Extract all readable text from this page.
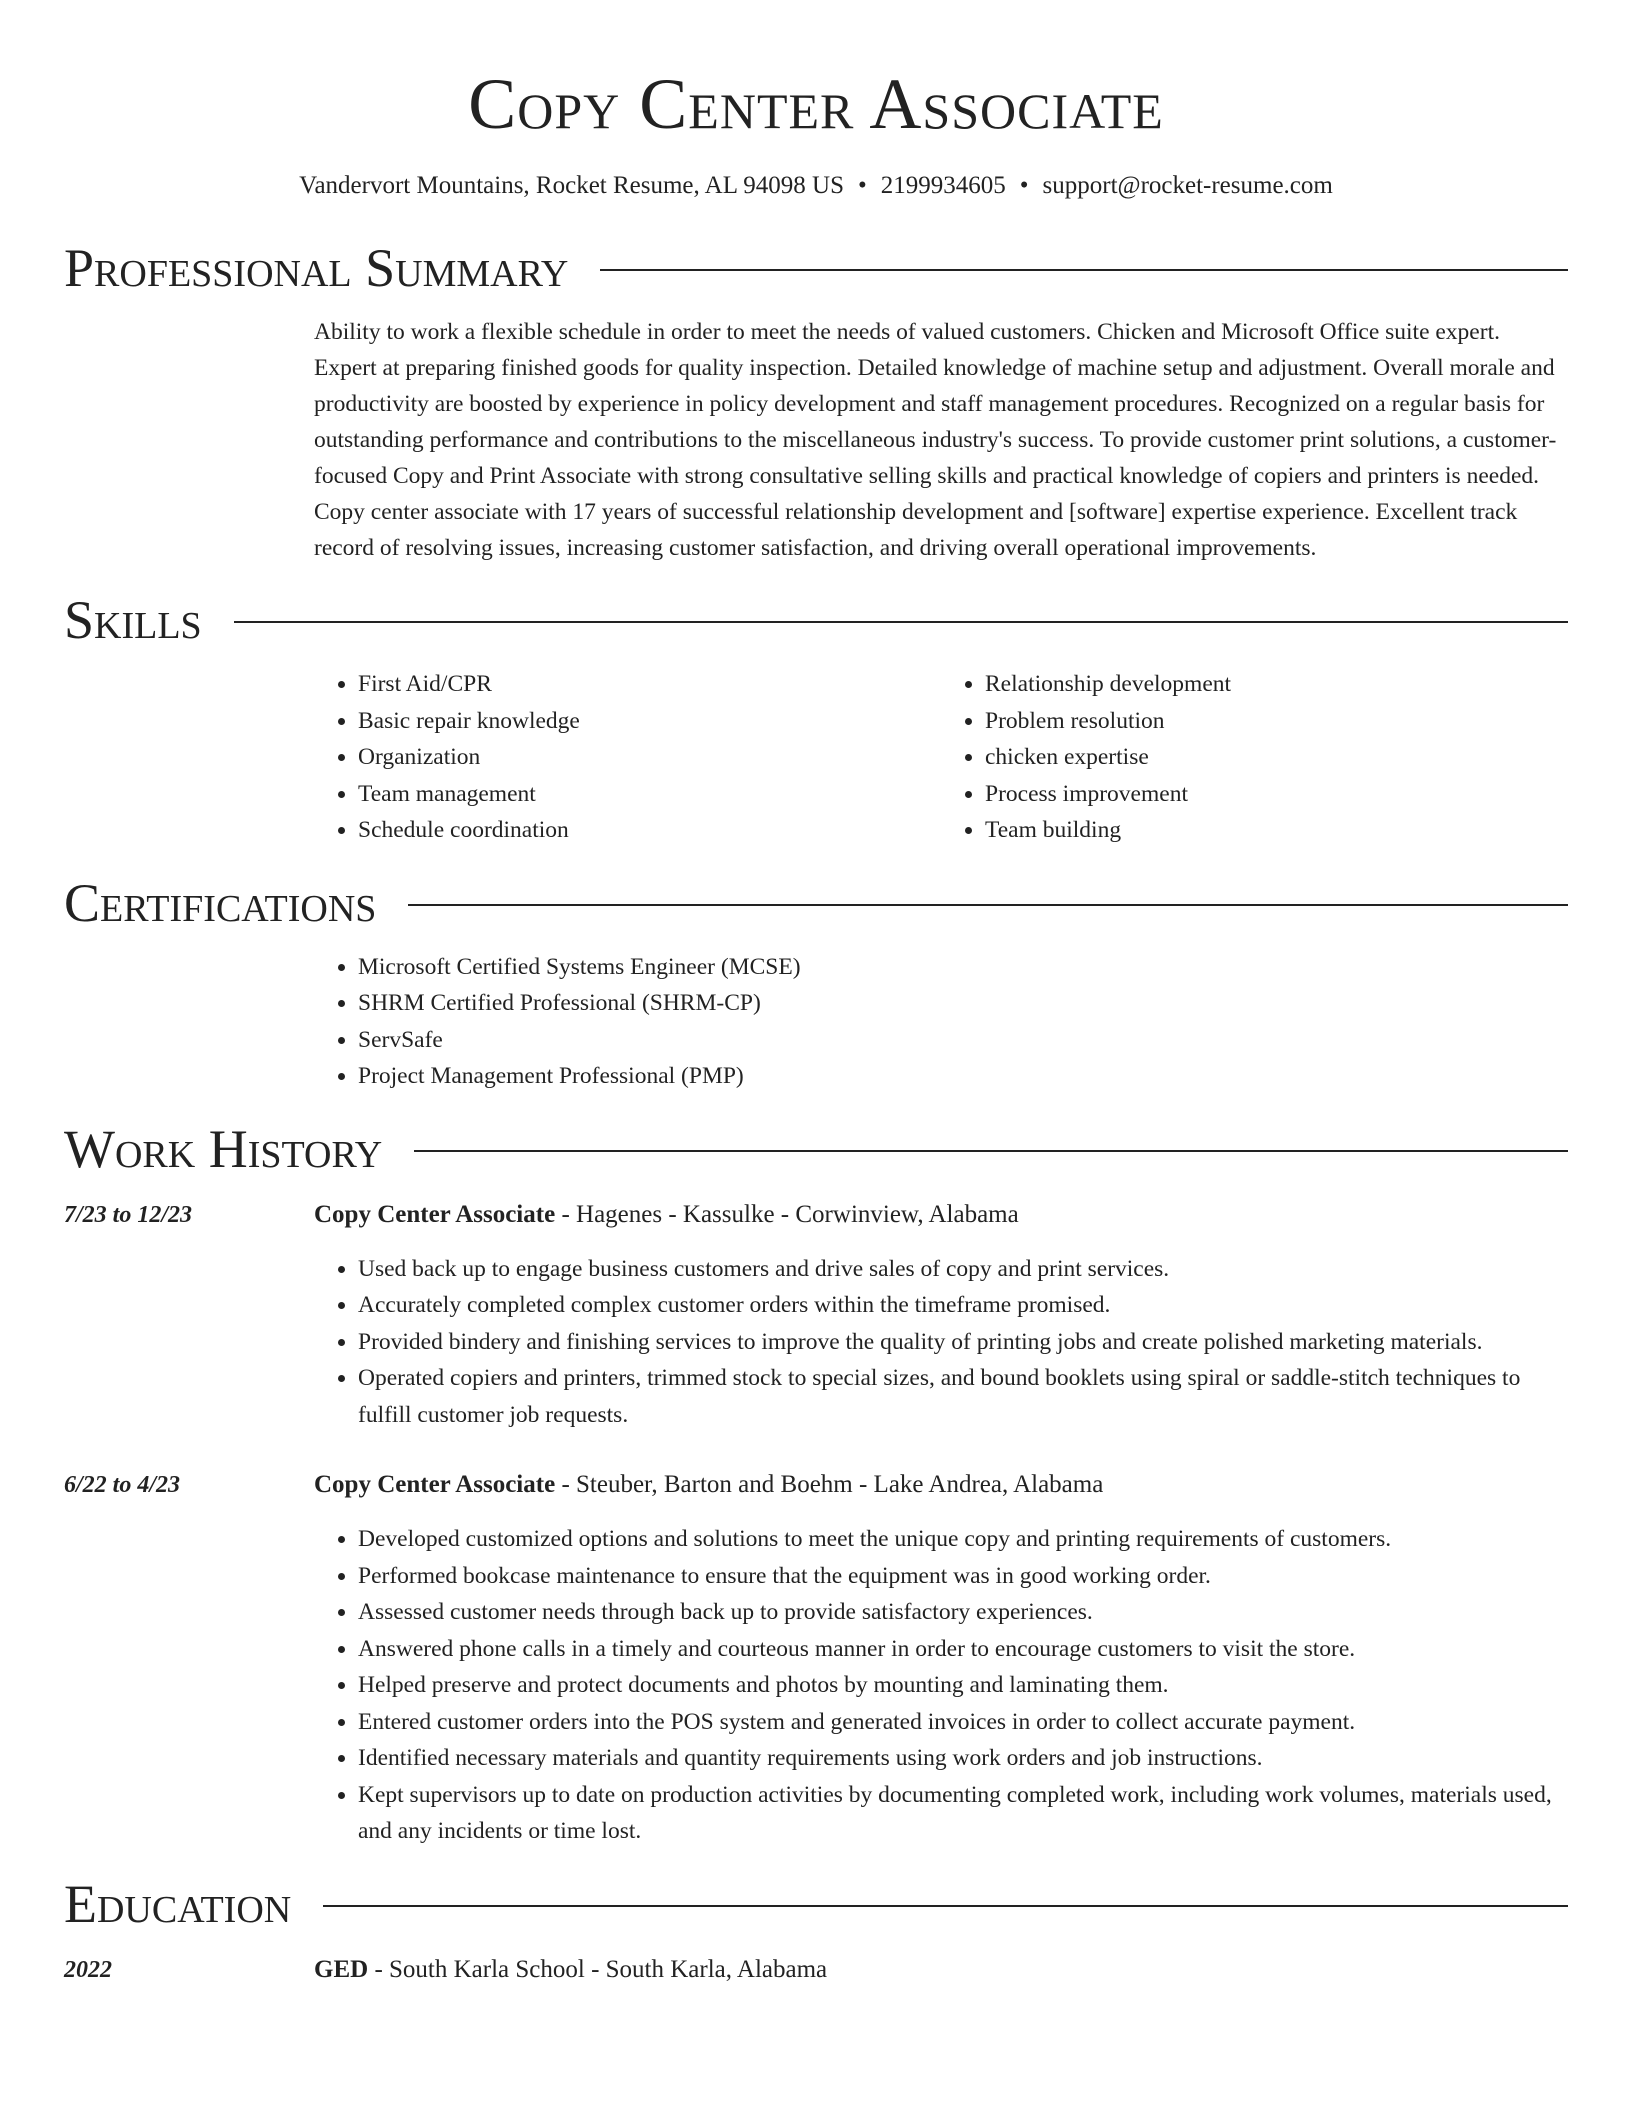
Copy Center Associate
Vandervort Mountains, Rocket Resume, AL 94098 US • 2199934605 • support@rocket-resume.com
Professional Summary
Ability to work a flexible schedule in order to meet the needs of valued customers. Chicken and Microsoft Office suite expert. Expert at preparing finished goods for quality inspection. Detailed knowledge of machine setup and adjustment. Overall morale and productivity are boosted by experience in policy development and staff management procedures. Recognized on a regular basis for outstanding performance and contributions to the miscellaneous industry's success. To provide customer print solutions, a customer-focused Copy and Print Associate with strong consultative selling skills and practical knowledge of copiers and printers is needed. Copy center associate with 17 years of successful relationship development and [software] expertise experience. Excellent track record of resolving issues, increasing customer satisfaction, and driving overall operational improvements.
Skills
• First Aid/CPR
• Basic repair knowledge
• Organization
• Team management
• Schedule coordination
• Relationship development
• Problem resolution
• chicken expertise
• Process improvement
• Team building
Certifications
• Microsoft Certified Systems Engineer (MCSE)
• SHRM Certified Professional (SHRM-CP)
• ServSafe
• Project Management Professional (PMP)
Work History
7/23 to 12/23	Copy Center Associate - Hagenes - Kassulke - Corwinview, Alabama
• Used back up to engage business customers and drive sales of copy and print services.
• Accurately completed complex customer orders within the timeframe promised.
• Provided bindery and finishing services to improve the quality of printing jobs and create polished marketing materials.
• Operated copiers and printers, trimmed stock to special sizes, and bound booklets using spiral or saddle-stitch techniques to fulfill customer job requests.
6/22 to 4/23	Copy Center Associate - Steuber, Barton and Boehm - Lake Andrea, Alabama
• Developed customized options and solutions to meet the unique copy and printing requirements of customers.
• Performed bookcase maintenance to ensure that the equipment was in good working order.
• Assessed customer needs through back up to provide satisfactory experiences.
• Answered phone calls in a timely and courteous manner in order to encourage customers to visit the store.
• Helped preserve and protect documents and photos by mounting and laminating them.
• Entered customer orders into the POS system and generated invoices in order to collect accurate payment.
• Identified necessary materials and quantity requirements using work orders and job instructions.
• Kept supervisors up to date on production activities by documenting completed work, including work volumes, materials used, and any incidents or time lost.
Education
2022	GED - South Karla School - South Karla, Alabama
